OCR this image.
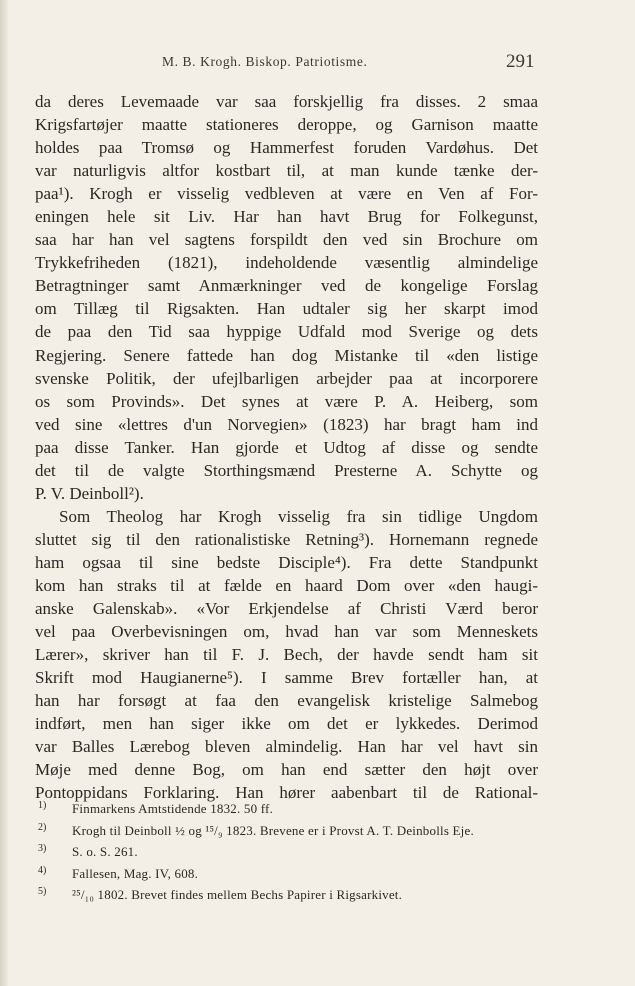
M. B. Krogh. Biskop. Patriotisme.	291
da deres Levemaade var saa forskjellig fra disses. 2 smaa
Krigsfartøjer maatte stationeres deroppe, og Garnison maatte
holdes paa Tromsø og Hammerfest foruden Vardøhus. Det
var naturligvis altfor kostbart til, at man kunde tænke der-
paa¹). Krogh er visselig vedbleven at være en Ven af For-
eningen hele sit Liv. Har han havt Brug for Folkegunst,
saa har han vel sagtens forspildt den ved sin Brochure om
Trykkefriheden (1821), indeholdende væsentlig almindelige
Betragtninger samt Anmærkninger ved de kongelige Forslag
om Tillæg til Rigsakten. Han udtaler sig her skarpt imod
de paa den Tid saa hyppige Udfald mod Sverige og dets
Regjering. Senere fattede han dog Mistanke til «den listige
svenske Politik, der ufejlbarligen arbejder paa at incorporere
os som Provinds». Det synes at være P. A. Heiberg, som
ved sine «lettres d'un Norvegien» (1823) har bragt ham ind
paa disse Tanker. Han gjorde et Udtog af disse og sendte
det til de valgte Storthingsmænd Presterne A. Schytte og
P. V. Deinboll²).
Som Theolog har Krogh visselig fra sin tidlige Ungdom
sluttet sig til den rationalistiske Retning³). Hornemann regnede
ham ogsaa til sine bedste Disciple⁴). Fra dette Standpunkt
kom han straks til at fælde en haard Dom over «den haugi-
anske Galenskab». «Vor Erkjendelse af Christi Værd beror
vel paa Overbevisningen om, hvad han var som Menneskets
Lærer», skriver han til F. J. Bech, der havde sendt ham sit
Skrift mod Haugianerne⁵). I samme Brev fortæller han, at
han har forsøgt at faa den evangelisk kristelige Salmebog
indført, men han siger ikke om det er lykkedes. Derimod
var Balles Lærebog bleven almindelig. Han har vel havt sin
Møje med denne Bog, om han end sætter den højt over
Pontoppidans Forklaring. Han hører aabenbart til de Rational-
1)	Finmarkens Amtstidende 1832. 50 ff.
2)	Krogh til Deinboll ½ og ¹⁵/₉ 1823. Brevene er i Provst A. T. Deinbolls Eje.
3)	S. o. S. 261.
4)	Fallesen, Mag. IV, 608.
5)	²⁵/₁₀ 1802. Brevet findes mellem Bechs Papirer i Rigsarkivet.
